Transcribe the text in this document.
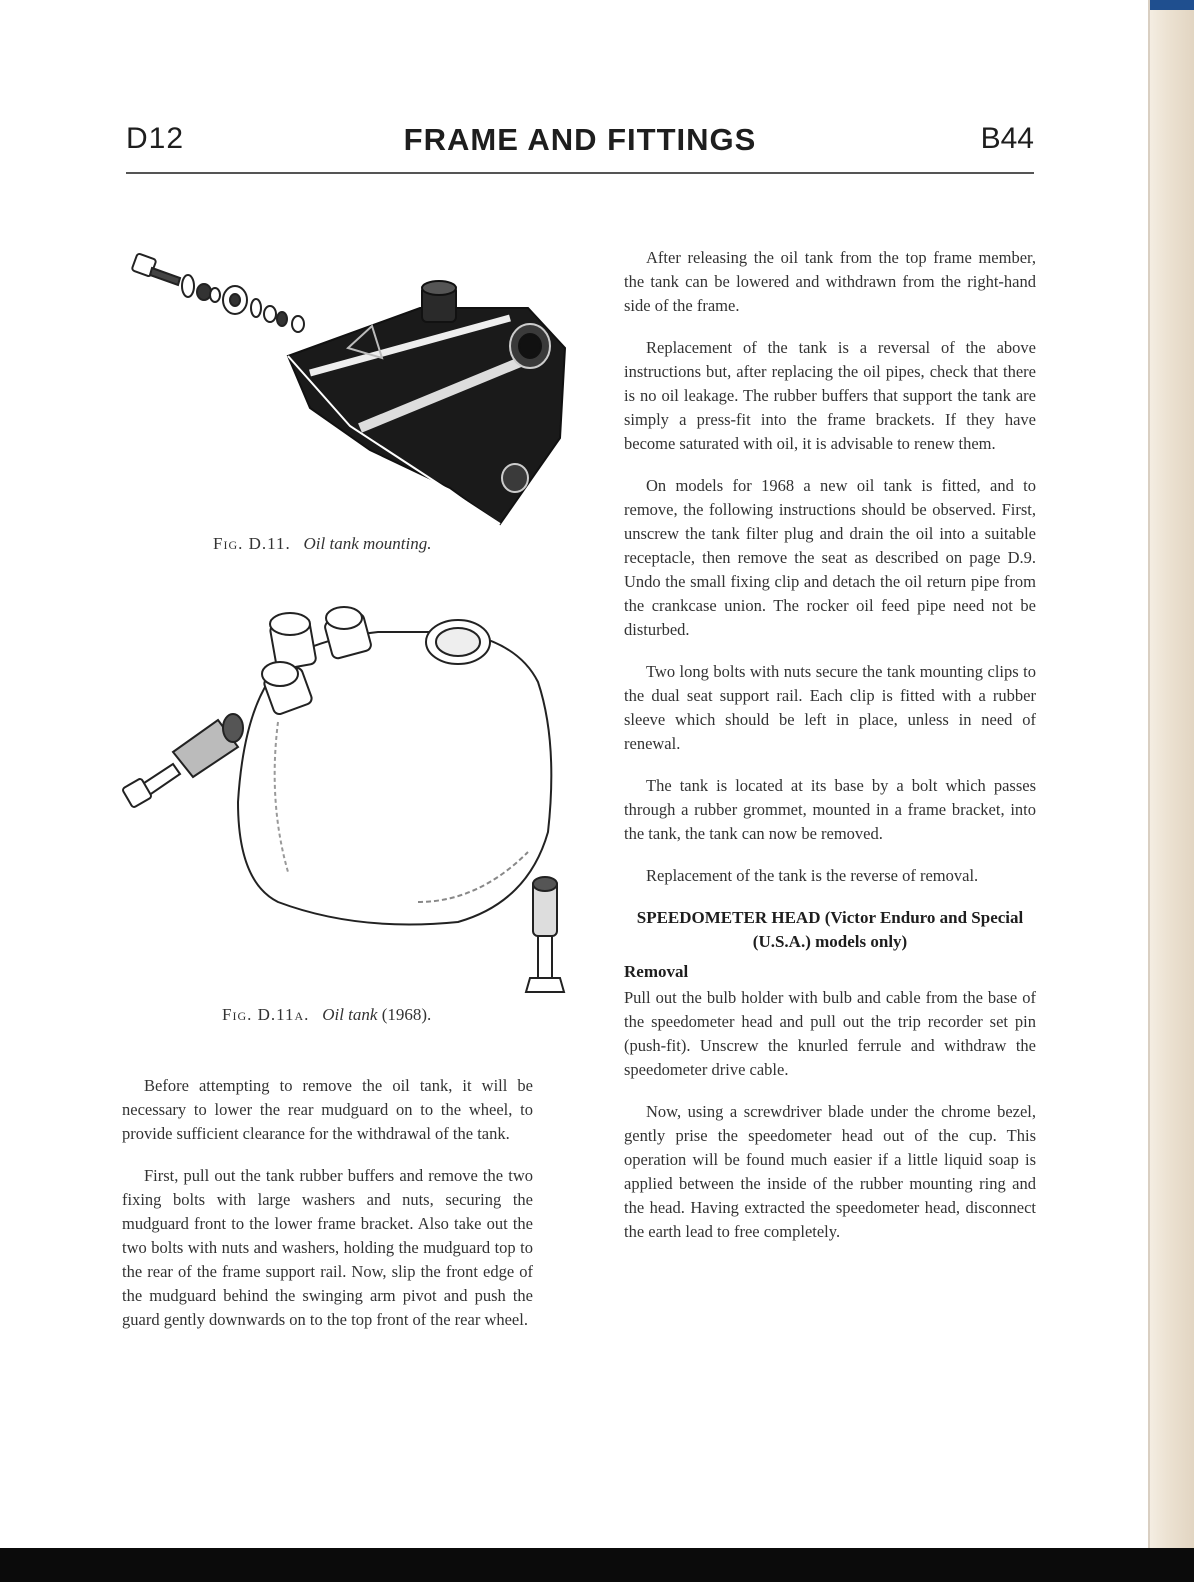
D12	FRAME AND FITTINGS	B44
Fig. D.11. Oil tank mounting.
Fig. D.11a. Oil tank (1968).

Before attempting to remove the oil tank, it will be necessary to lower the rear mudguard on to the wheel, to provide sufficient clearance for the withdrawal of the tank.

First, pull out the tank rubber buffers and remove the two fixing bolts with large washers and nuts, securing the mudguard front to the lower frame bracket. Also take out the two bolts with nuts and washers, holding the mudguard top to the rear of the frame support rail. Now, slip the front edge of the mudguard behind the swinging arm pivot and push the guard gently downwards on to the top front of the rear wheel.

After releasing the oil tank from the top frame member, the tank can be lowered and withdrawn from the right-hand side of the frame.

Replacement of the tank is a reversal of the above instructions but, after replacing the oil pipes, check that there is no oil leakage. The rubber buffers that support the tank are simply a press-fit into the frame brackets. If they have become saturated with oil, it is advisable to renew them.

On models for 1968 a new oil tank is fitted, and to remove, the following instructions should be observed. First, unscrew the tank filter plug and drain the oil into a suitable receptacle, then remove the seat as described on page D.9. Undo the small fixing clip and detach the oil return pipe from the crankcase union. The rocker oil feed pipe need not be disturbed.

Two long bolts with nuts secure the tank mounting clips to the dual seat support rail. Each clip is fitted with a rubber sleeve which should be left in place, unless in need of renewal.

The tank is located at its base by a bolt which passes through a rubber grommet, mounted in a frame bracket, into the tank, the tank can now be removed.

Replacement of the tank is the reverse of removal.

SPEEDOMETER HEAD (Victor Enduro and Special (U.S.A.) models only)
Removal

Pull out the bulb holder with bulb and cable from the base of the speedometer head and pull out the trip recorder set pin (push-fit). Unscrew the knurled ferrule and withdraw the speedometer drive cable.

Now, using a screwdriver blade under the chrome bezel, gently prise the speedometer head out of the cup. This operation will be found much easier if a little liquid soap is applied between the inside of the rubber mounting ring and the head. Having extracted the speedometer head, disconnect the earth lead to free completely.
